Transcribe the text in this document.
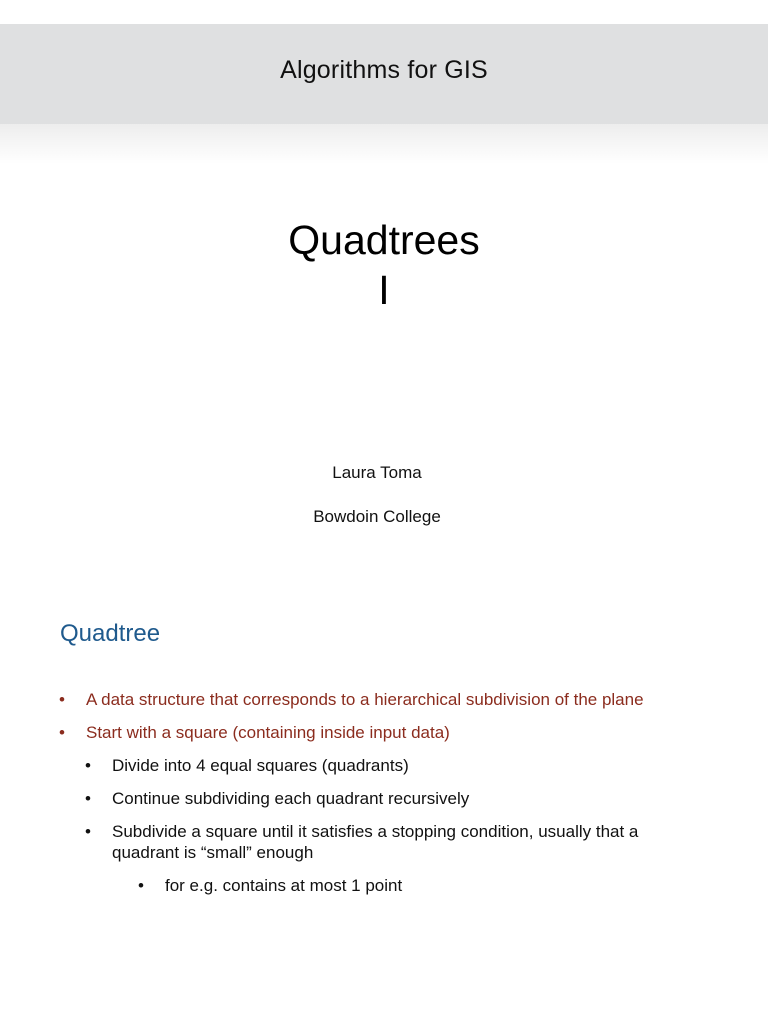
Algorithms for GIS
Quadtrees
I
Laura Toma
Bowdoin College
Quadtree
• A data structure that corresponds to a hierarchical subdivision of the plane
• Start with a square (containing inside input data)
• Divide into 4 equal squares (quadrants)
• Continue subdividing each quadrant recursively
• Subdivide a square until it satisfies a stopping condition, usually that a quadrant is “small” enough
• for e.g. contains at most 1 point
